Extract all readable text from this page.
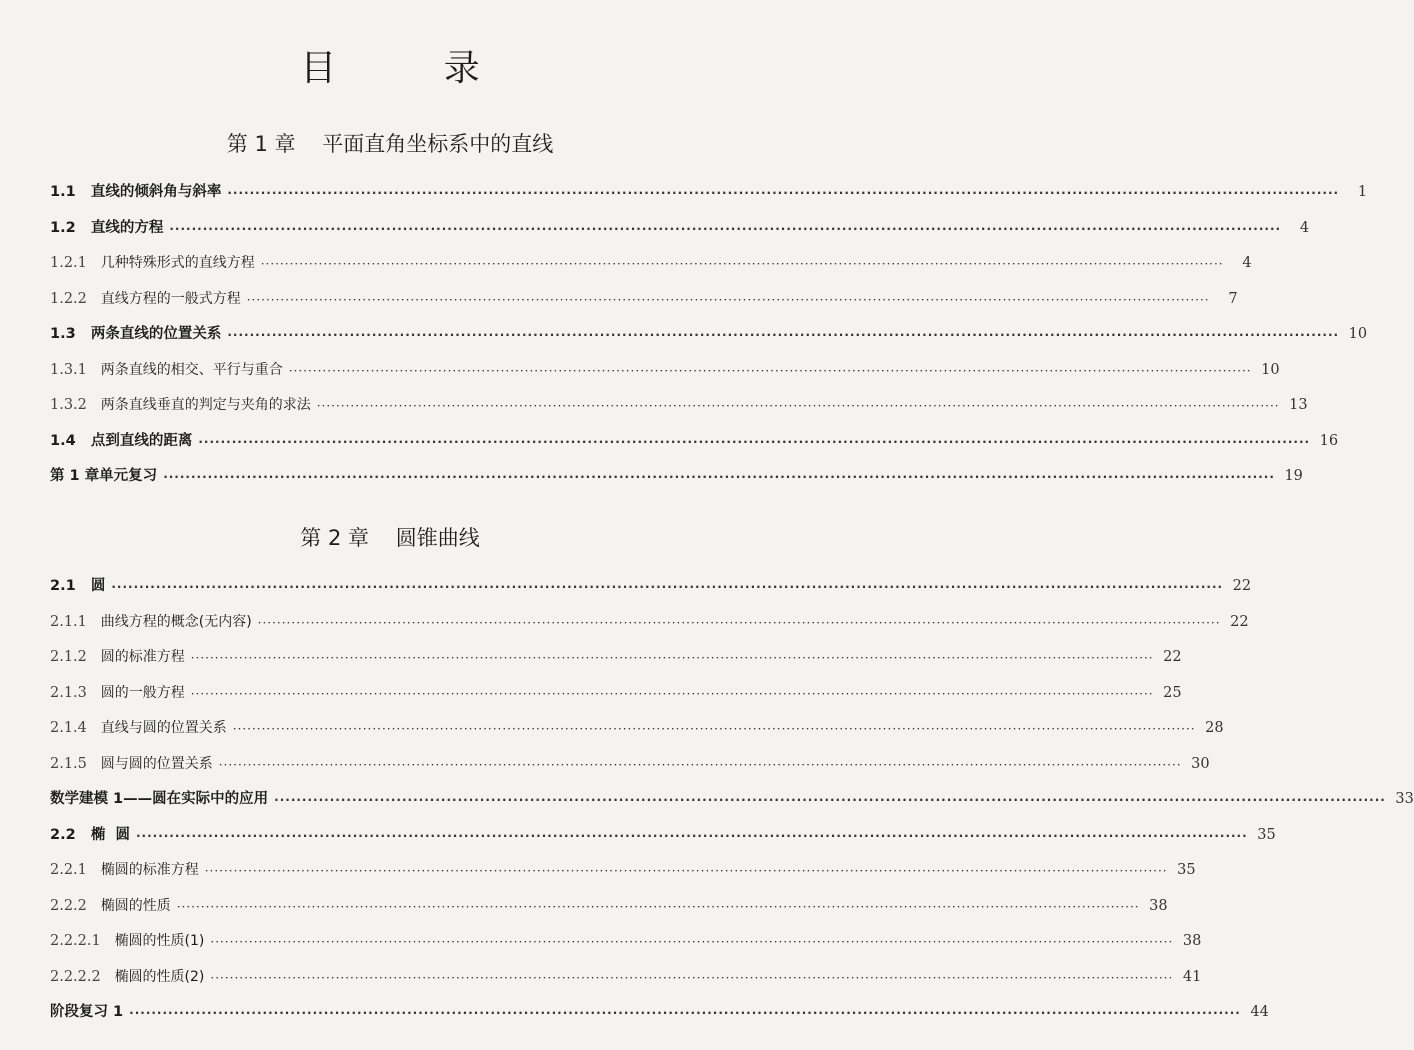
目 录
第 1 章    平面直角坐标系中的直线
1.1 直线的倾斜角与斜率 ········································································································································································································	1
1.2 直线的方程 ········································································································································································································	4
1.2.1 几种特殊形式的直线方程 ········································································································································································································	4
1.2.2 直线方程的一般式方程 ········································································································································································································	7
1.3 两条直线的位置关系 ········································································································································································································ 10
1.3.1 两条直线的相交、平行与重合 ········································································································································································································ 10
1.3.2 两条直线垂直的判定与夹角的求法 ········································································································································································································ 13
1.4 点到直线的距离 ········································································································································································································ 16
第 1 章单元复习 ········································································································································································································ 19
第 2 章    圆锥曲线
2.1 圆 ········································································································································································································ 22
2.1.1 曲线方程的概念(无内容) ········································································································································································································ 22
2.1.2 圆的标准方程 ········································································································································································································ 22
2.1.3 圆的一般方程 ········································································································································································································ 25
2.1.4 直线与圆的位置关系 ········································································································································································································ 28
2.1.5 圆与圆的位置关系 ········································································································································································································ 30
数学建模 1——圆在实际中的应用 ········································································································································································································ 33
2.2 椭  圆 ········································································································································································································ 35
2.2.1 椭圆的标准方程 ········································································································································································································ 35
2.2.2 椭圆的性质 ········································································································································································································ 38
2.2.2.1 椭圆的性质(1) ········································································································································································································ 38
2.2.2.2 椭圆的性质(2) ········································································································································································································ 41
阶段复习 1 ········································································································································································································ 44
